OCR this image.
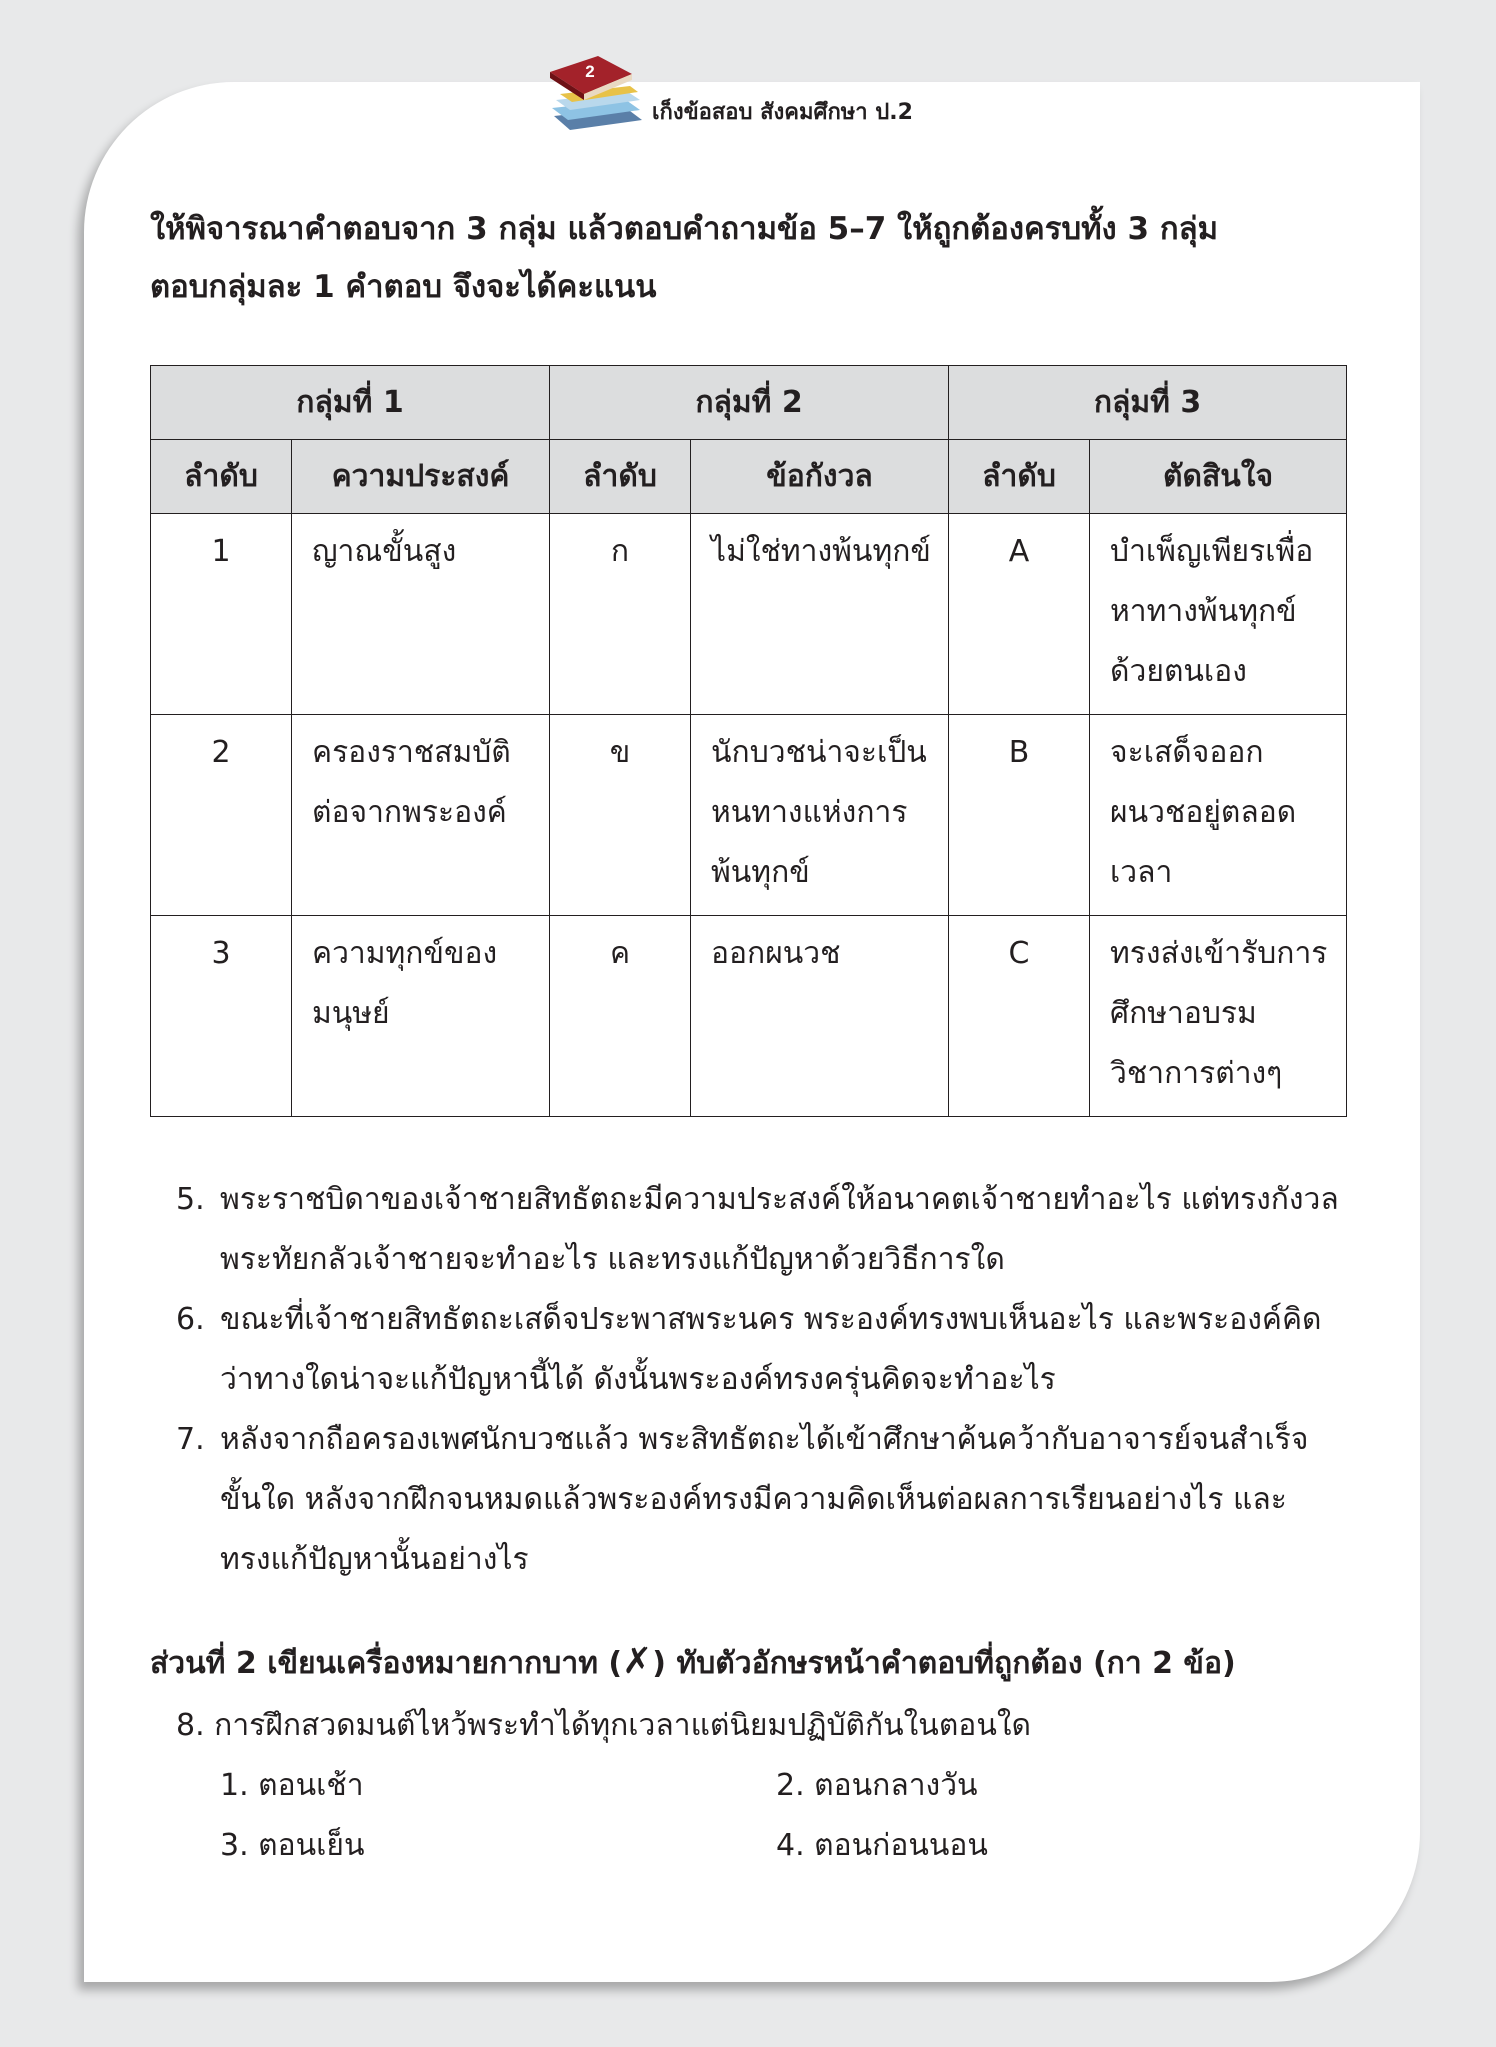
2
เก็งข้อสอบ สังคมศึกษา ป.2
ให้พิจารณาคำตอบจาก 3 กลุ่ม แล้วตอบคำถามข้อ 5–7 ให้ถูกต้องครบทั้ง 3 กลุ่ม
ตอบกลุ่มละ 1 คำตอบ จึงจะได้คะแนน
กลุ่มที่ 1		กลุ่มที่ 2		กลุ่มที่ 3	
ลำดับ	ความประสงค์	ลำดับ	ข้อกังวล	ลำดับ	ตัดสินใจ
1	ญาณขั้นสูง	ก	ไม่ใช่ทางพ้นทุกข์	A	บำเพ็ญเพียรเพื่อหาทางพ้นทุกข์ด้วยตนเอง
2	ครองราชสมบัติต่อจากพระองค์	ข	นักบวชน่าจะเป็นหนทางแห่งการพ้นทุกข์	B	จะเสด็จออกผนวชอยู่ตลอดเวลา
3	ความทุกข์ของมนุษย์	ค	ออกผนวช	C	ทรงส่งเข้ารับการศึกษาอบรมวิชาการต่างๆ
5. พระราชบิดาของเจ้าชายสิทธัตถะมีความประสงค์ให้อนาคตเจ้าชายทำอะไร แต่ทรงกังวล
พระทัยกลัวเจ้าชายจะทำอะไร และทรงแก้ปัญหาด้วยวิธีการใด
6. ขณะที่เจ้าชายสิทธัตถะเสด็จประพาสพระนคร พระองค์ทรงพบเห็นอะไร และพระองค์คิด
ว่าทางใดน่าจะแก้ปัญหานี้ได้ ดังนั้นพระองค์ทรงครุ่นคิดจะทำอะไร
7. หลังจากถือครองเพศนักบวชแล้ว พระสิทธัตถะได้เข้าศึกษาค้นคว้ากับอาจารย์จนสำเร็จ
ขั้นใด หลังจากฝึกจนหมดแล้วพระองค์ทรงมีความคิดเห็นต่อผลการเรียนอย่างไร และ
ทรงแก้ปัญหานั้นอย่างไร
ส่วนที่ 2 เขียนเครื่องหมายกากบาท (✗) ทับตัวอักษรหน้าคำตอบที่ถูกต้อง (กา 2 ข้อ)
8. การฝึกสวดมนต์ไหว้พระทำได้ทุกเวลาแต่นิยมปฏิบัติกันในตอนใด
1. ตอนเช้า	2. ตอนกลางวัน
3. ตอนเย็น	4. ตอนก่อนนอน
